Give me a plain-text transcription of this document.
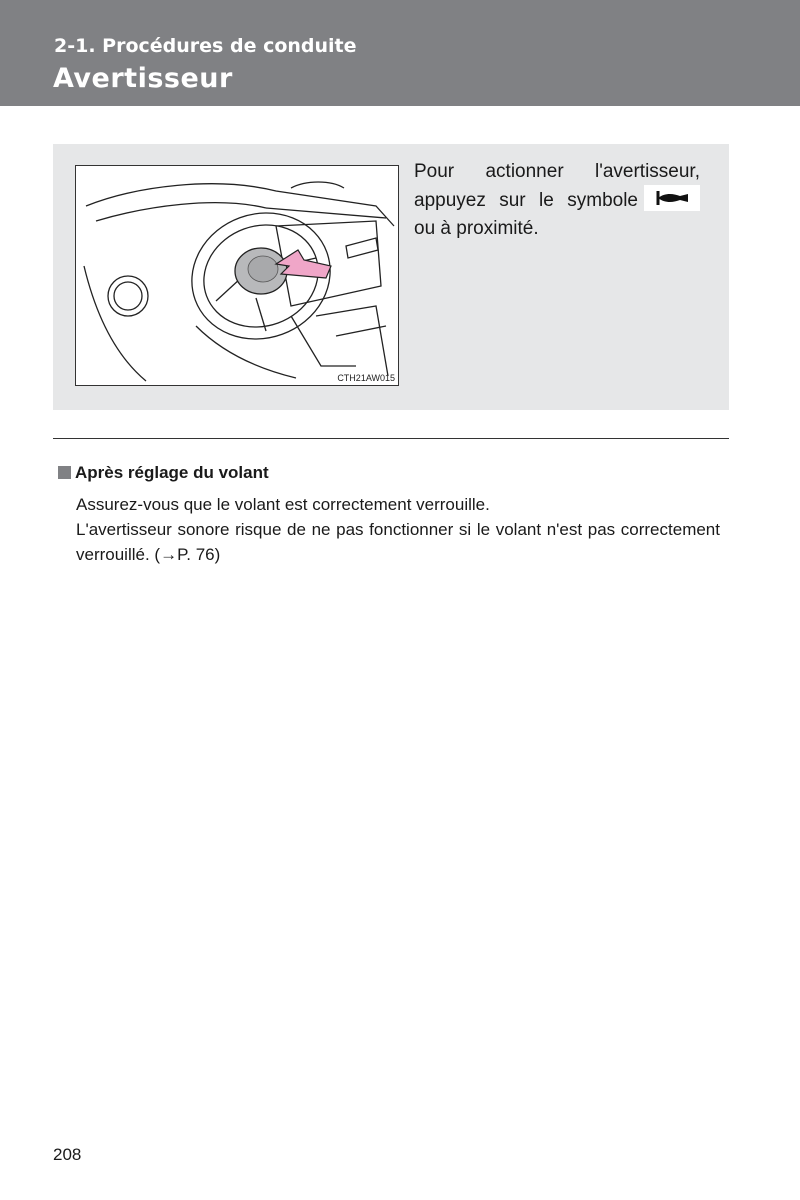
2-1. Procédures de conduite
Avertisseur
CTH21AW015
Pour actionner l'avertisseur, appuyez sur le symbole ou à proximité.
Après réglage du volant

Assurez-vous que le volant est correctement verrouille.

L'avertisseur sonore risque de ne pas fonctionner si le volant n'est pas correctement verrouillé. (→P. 76)

208
